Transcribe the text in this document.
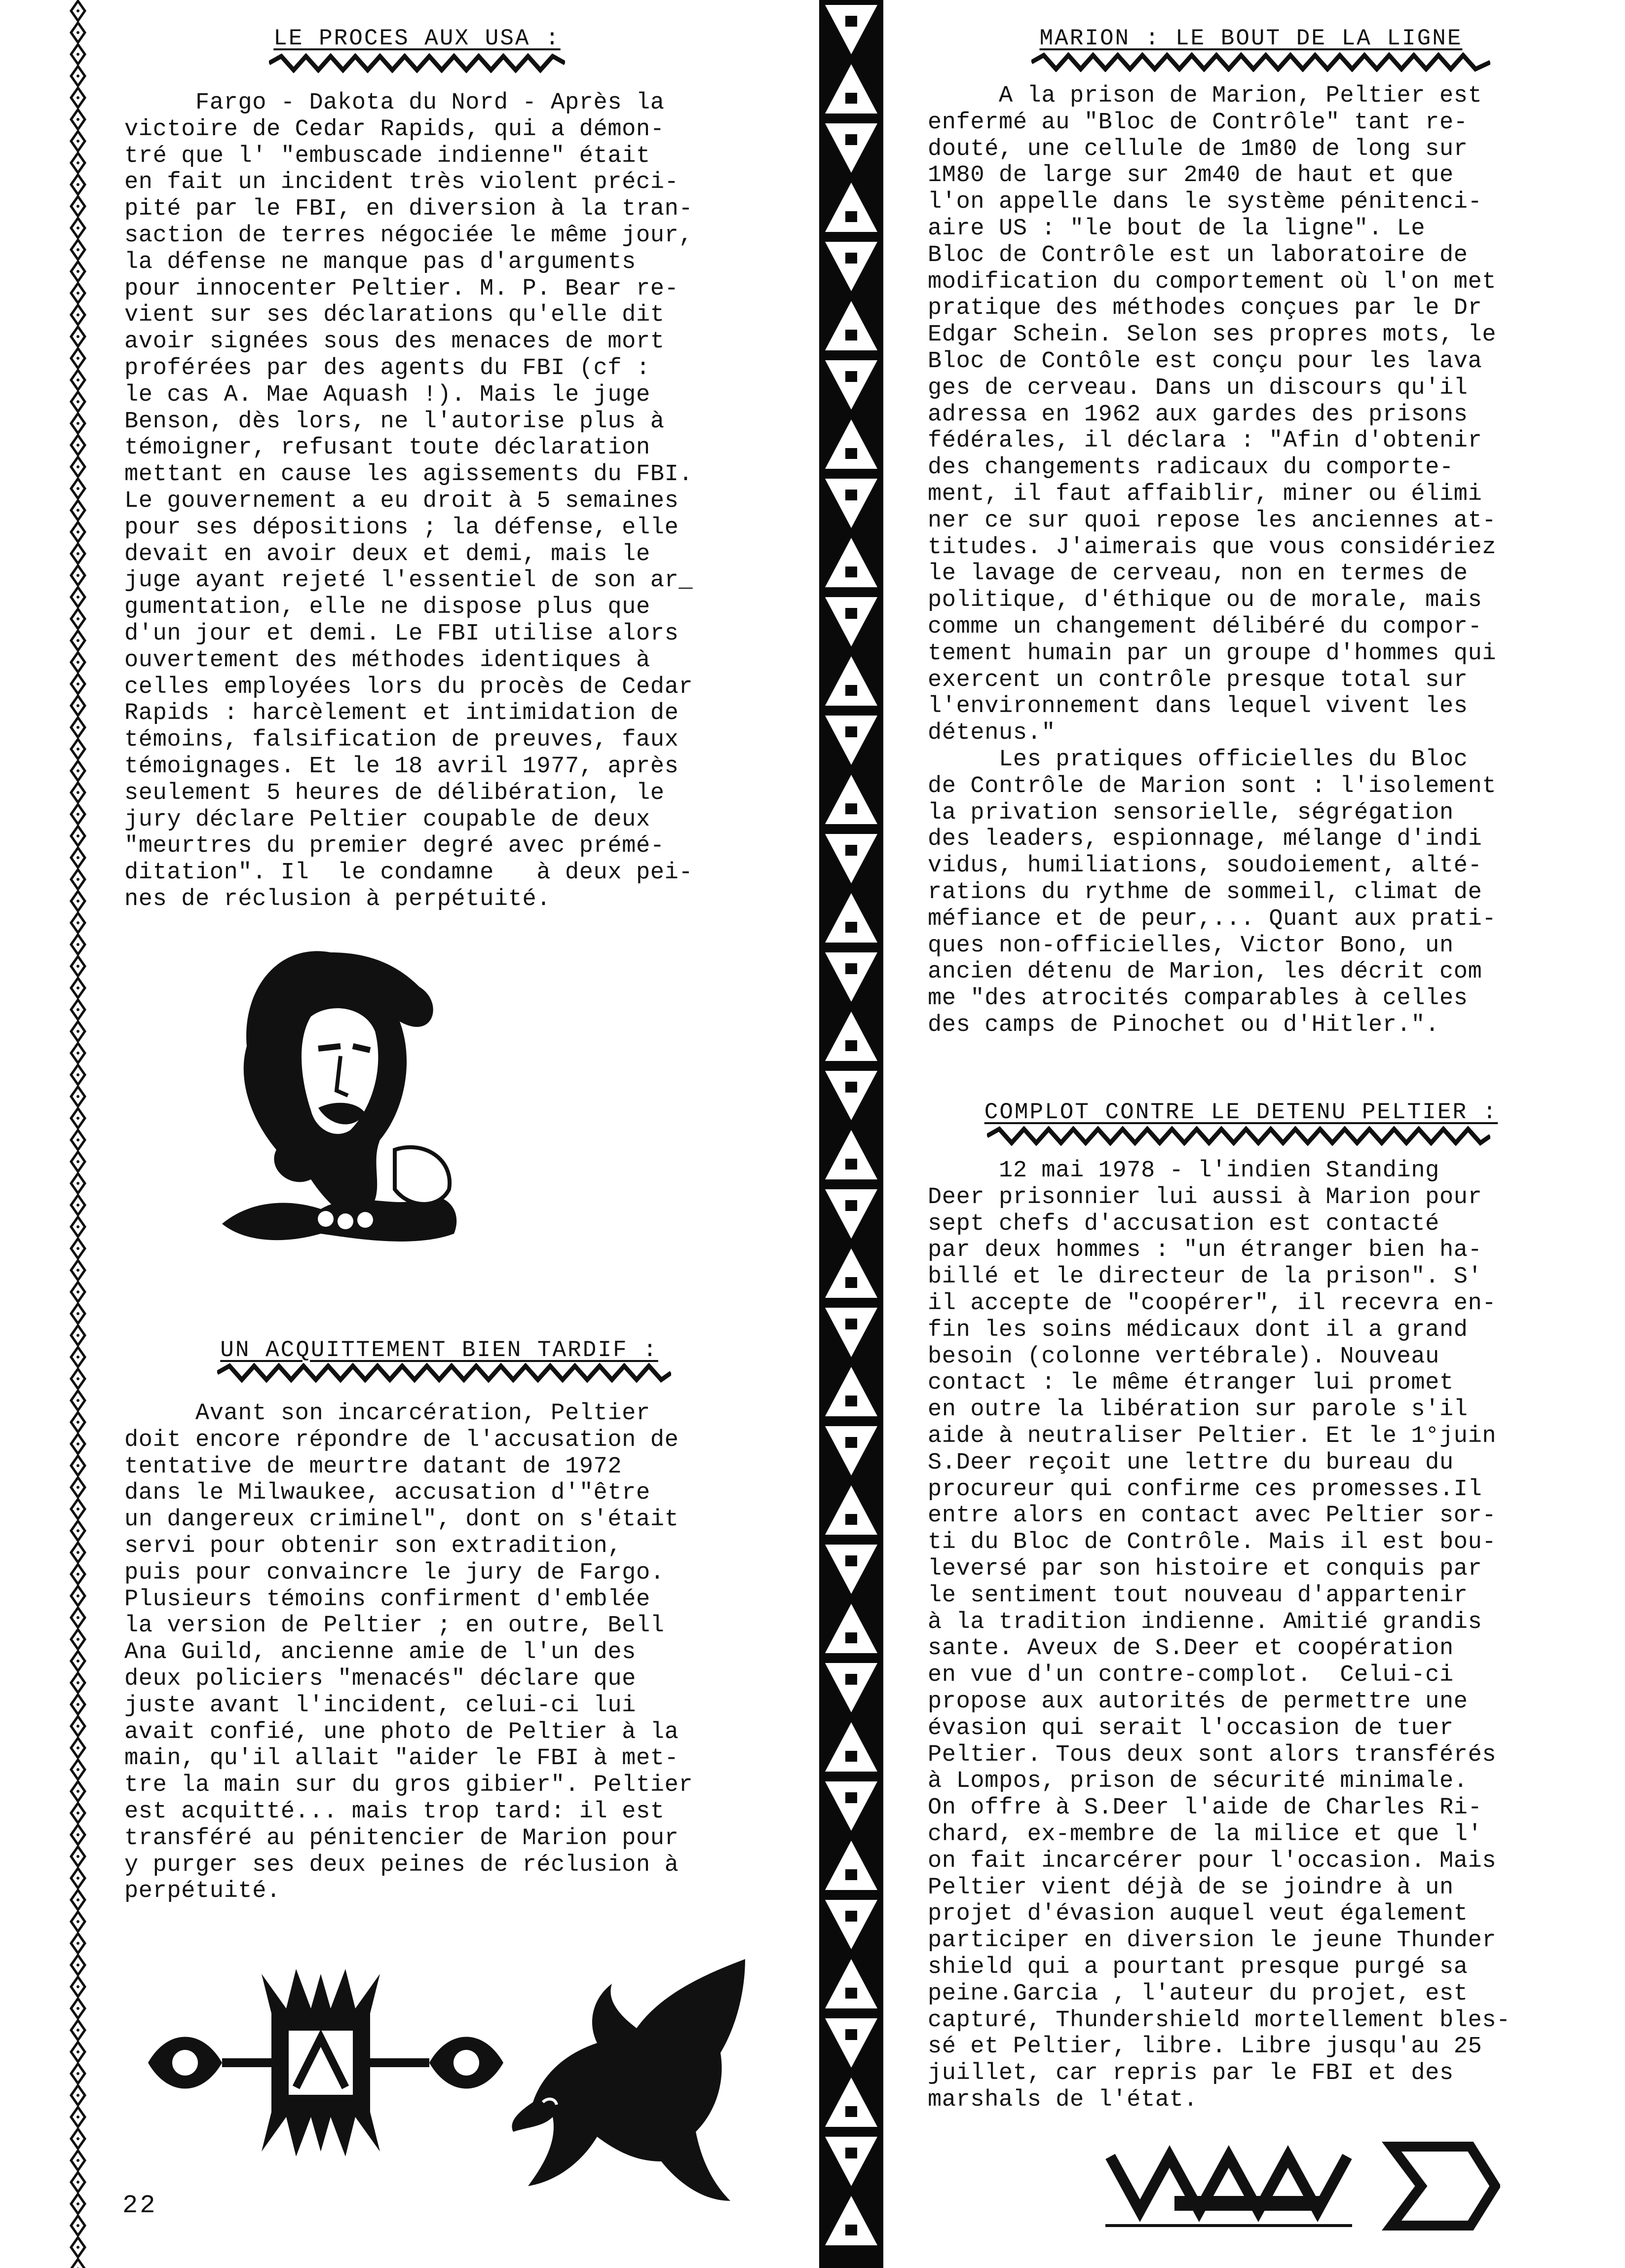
LE PROCES AUX USA :
Fargo - Dakota du Nord - Après la
victoire de Cedar Rapids, qui a démon-
tré que l' "embuscade indienne" était
en fait un incident très violent préci-
pité par le FBI, en diversion à la tran-
saction de terres négociée le même jour,
la défense ne manque pas d'arguments
pour innocenter Peltier. M. P. Bear re-
vient sur ses déclarations qu'elle dit
avoir signées sous des menaces de mort
proférées par des agents du FBI (cf :
le cas A. Mae Aquash !). Mais le juge
Benson, dès lors, ne l'autorise plus à
témoigner, refusant toute déclaration
mettant en cause les agissements du FBI.
Le gouvernement a eu droit à 5 semaines
pour ses dépositions ; la défense, elle
devait en avoir deux et demi, mais le
juge ayant rejeté l'essentiel de son ar_
gumentation, elle ne dispose plus que
d'un jour et demi. Le FBI utilise alors
ouvertement des méthodes identiques à
celles employées lors du procès de Cedar
Rapids : harcèlement et intimidation de
témoins, falsification de preuves, faux
témoignages. Et le 18 avril 1977, après
seulement 5 heures de délibération, le
jury déclare Peltier coupable de deux
"meurtres du premier degré avec prémé-
ditation". Il  le condamne   à deux pei-
nes de réclusion à perpétuité.
UN ACQUITTEMENT BIEN TARDIF :
Avant son incarcération, Peltier
doit encore répondre de l'accusation de
tentative de meurtre datant de 1972
dans le Milwaukee, accusation d'"être
un dangereux criminel", dont on s'était
servi pour obtenir son extradition,
puis pour convaincre le jury de Fargo.
Plusieurs témoins confirment d'emblée
la version de Peltier ; en outre, Bell
Ana Guild, ancienne amie de l'un des
deux policiers "menacés" déclare que
juste avant l'incident, celui-ci lui
avait confié, une photo de Peltier à la
main, qu'il allait "aider le FBI à met-
tre la main sur du gros gibier". Peltier
est acquitté... mais trop tard: il est
transféré au pénitencier de Marion pour
y purger ses deux peines de réclusion à
perpétuité.
22
MARION : LE BOUT DE LA LIGNE
A la prison de Marion, Peltier est
enfermé au "Bloc de Contrôle" tant re-
douté, une cellule de 1m80 de long sur
1M80 de large sur 2m40 de haut et que
l'on appelle dans le système pénitenci-
aire US : "le bout de la ligne". Le
Bloc de Contrôle est un laboratoire de
modification du comportement où l'on met
pratique des méthodes conçues par le Dr
Edgar Schein. Selon ses propres mots, le
Bloc de Contôle est conçu pour les lava
ges de cerveau. Dans un discours qu'il
adressa en 1962 aux gardes des prisons
fédérales, il déclara : "Afin d'obtenir
des changements radicaux du comporte-
ment, il faut affaiblir, miner ou élimi
ner ce sur quoi repose les anciennes at-
titudes. J'aimerais que vous considériez
le lavage de cerveau, non en termes de
politique, d'éthique ou de morale, mais
comme un changement délibéré du compor-
tement humain par un groupe d'hommes qui
exercent un contrôle presque total sur
l'environnement dans lequel vivent les
détenus."
Les pratiques officielles du Bloc
de Contrôle de Marion sont : l'isolement
la privation sensorielle, ségrégation
des leaders, espionnage, mélange d'indi
vidus, humiliations, soudoiement, alté-
rations du rythme de sommeil, climat de
méfiance et de peur,... Quant aux prati-
ques non-officielles, Victor Bono, un
ancien détenu de Marion, les décrit com
me "des atrocités comparables à celles
des camps de Pinochet ou d'Hitler.".
COMPLOT CONTRE LE DETENU PELTIER :
12 mai 1978 - l'indien Standing
Deer prisonnier lui aussi à Marion pour
sept chefs d'accusation est contacté
par deux hommes : "un étranger bien ha-
billé et le directeur de la prison". S'
il accepte de "coopérer", il recevra en-
fin les soins médicaux dont il a grand
besoin (colonne vertébrale). Nouveau
contact : le même étranger lui promet
en outre la libération sur parole s'il
aide à neutraliser Peltier. Et le 1°juin
S.Deer reçoit une lettre du bureau du
procureur qui confirme ces promesses.Il
entre alors en contact avec Peltier sor-
ti du Bloc de Contrôle. Mais il est bou-
leversé par son histoire et conquis par
le sentiment tout nouveau d'appartenir
à la tradition indienne. Amitié grandis
sante. Aveux de S.Deer et coopération
en vue d'un contre-complot.  Celui-ci
propose aux autorités de permettre une
évasion qui serait l'occasion de tuer
Peltier. Tous deux sont alors transférés
à Lompos, prison de sécurité minimale.
On offre à S.Deer l'aide de Charles Ri-
chard, ex-membre de la milice et que l'
on fait incarcérer pour l'occasion. Mais
Peltier vient déjà de se joindre à un
projet d'évasion auquel veut également
participer en diversion le jeune Thunder
shield qui a pourtant presque purgé sa
peine.Garcia , l'auteur du projet, est
capturé, Thundershield mortellement bles-
sé et Peltier, libre. Libre jusqu'au 25
juillet, car repris par le FBI et des
marshals de l'état.
